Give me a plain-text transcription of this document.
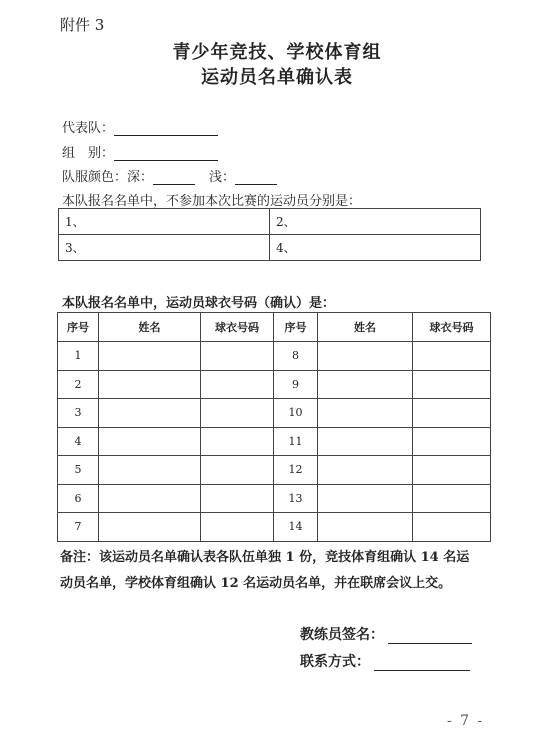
附件 3
青少年竞技、学校体育组
运动员名单确认表
代表队：
组　别：
队服颜色：深：	浅：
本队报名名单中，不参加本次比赛的运动员分别是：
1、	2、
3、	4、
本队报名名单中，运动员球衣号码（确认）是：
序号	姓名	球衣号码	序号	姓名	球衣号码
1			8		
2			9		
3			10		
4			11		
5			12		
6			13		
7			14		
备注：该运动员名单确认表各队伍单独 1 份，竞技体育组确认 14 名运
动员名单，学校体育组确认 12 名运动员名单，并在联席会议上交。
教练员签名：
联系方式：
- 7 -
